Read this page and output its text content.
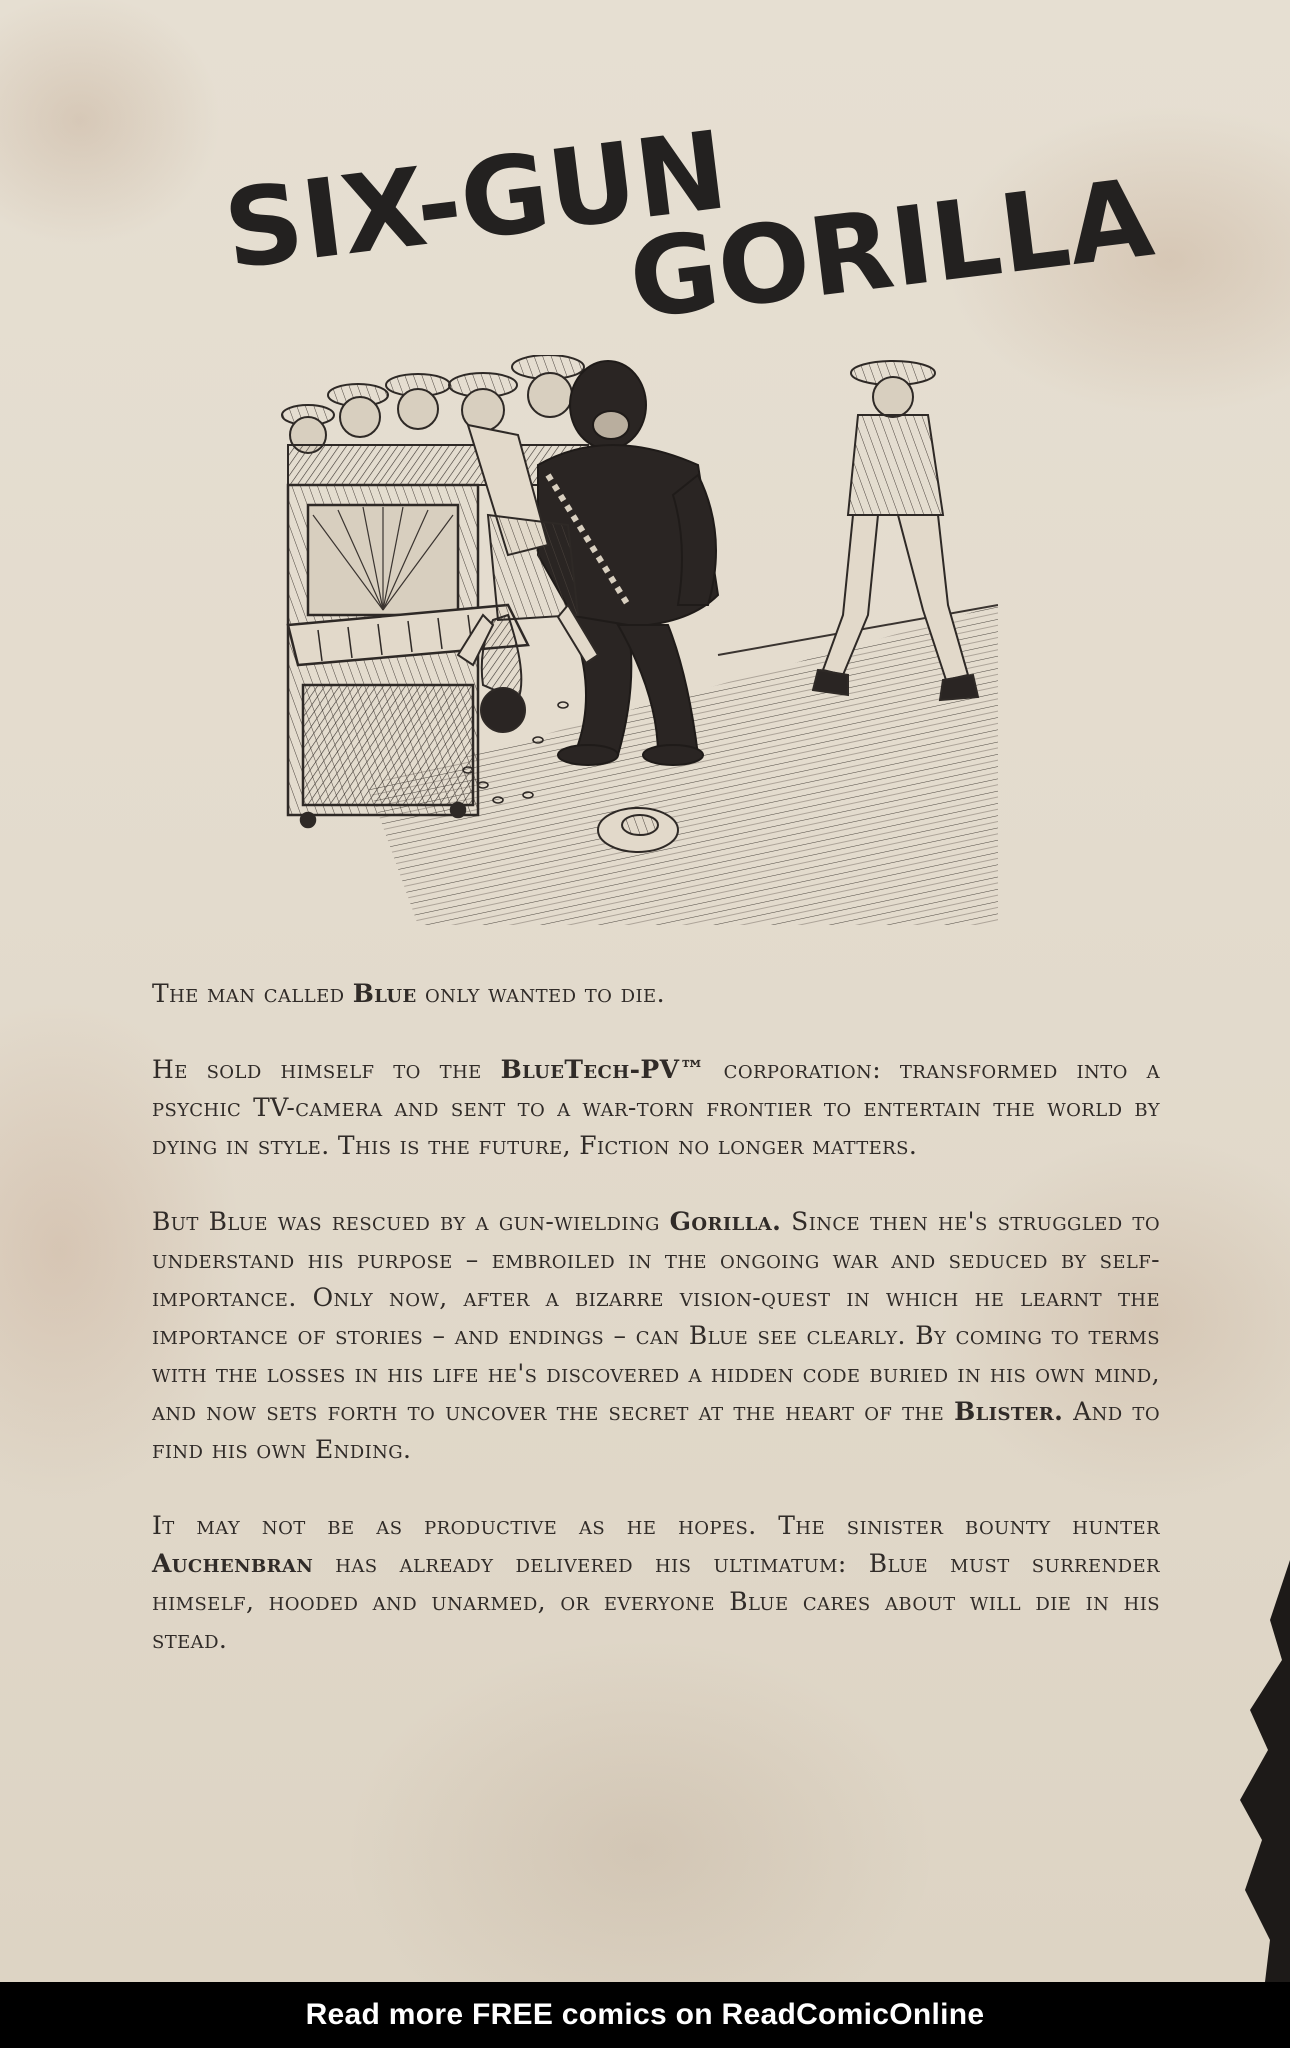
SIX-GUN
GORILLA

The man called Blue only wanted to die.

He sold himself to the BlueTech-PV™ corporation: transformed into a psychic TV-camera and sent to a war-torn frontier to entertain the world by dying in style. This is the future, Fiction no longer matters.

But Blue was rescued by a gun-wielding Gorilla. Since then he's struggled to understand his purpose – embroiled in the ongoing war and seduced by self-importance. Only now, after a bizarre vision-quest in which he learnt the importance of stories – and endings – can Blue see clearly. By coming to terms with the losses in his life he's discovered a hidden code buried in his own mind, and now sets forth to uncover the secret at the heart of the Blister. And to find his own Ending.

It may not be as productive as he hopes. The sinister bounty hunter Auchenbran has already delivered his ultimatum: Blue must surrender himself, hooded and unarmed, or everyone Blue cares about will die in his stead.

Read more FREE comics on ReadComicOnline
